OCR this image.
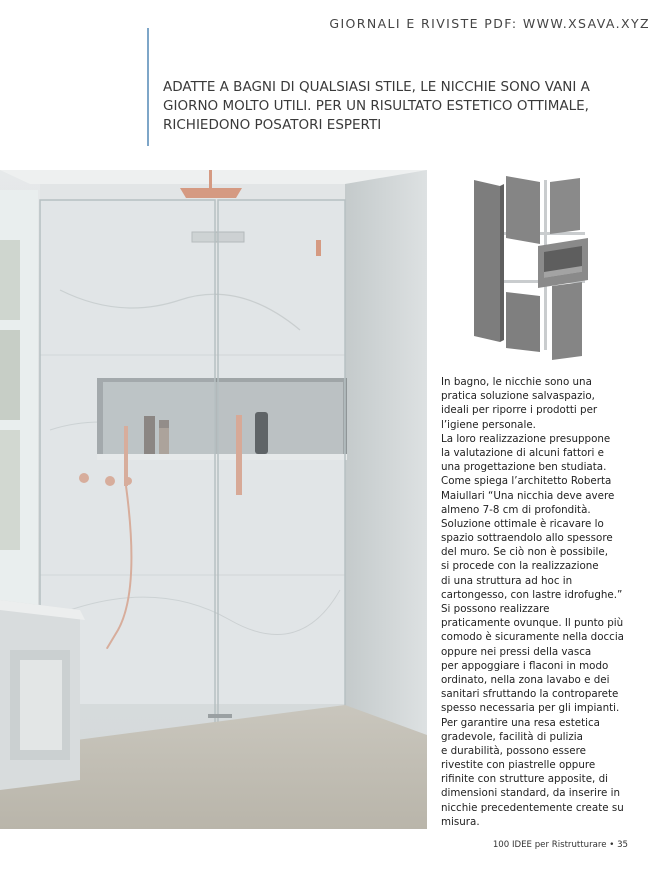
GIORNALI E RIVISTE PDF: WWW.XSAVA.XYZ
ADATTE A BAGNI DI QUALSIASI STILE, LE NICCHIE SONO VANI A
GIORNO MOLTO UTILI. PER UN RISULTATO ESTETICO OTTIMALE,
RICHIEDONO POSATORI ESPERTI
In bagno, le nicchie sono una
pratica soluzione salvaspazio,
ideali per riporre i prodotti per
l’igiene personale.
La loro realizzazione presuppone
la valutazione di alcuni fattori e
una progettazione ben studiata.
Come spiega l’architetto Roberta
Maiullari “Una nicchia deve avere
almeno 7-8 cm di profondità.
Soluzione ottimale è ricavare lo
spazio sottraendolo allo spessore
del muro. Se ciò non è possibile,
si procede con la realizzazione
di una struttura ad hoc in
cartongesso, con lastre idrofughe.”
Si possono realizzare
praticamente ovunque. Il punto più
comodo è sicuramente nella doccia
oppure nei pressi della vasca
per appoggiare i flaconi in modo
ordinato, nella zona lavabo e dei
sanitari sfruttando la controparete
spesso necessaria per gli impianti.
Per garantire una resa estetica
gradevole, facilità di pulizia
e durabilità, possono essere
rivestite con piastrelle oppure
rifinite con strutture apposite, di
dimensioni standard, da inserire in
nicchie precedentemente create su
misura.
100 IDEE per Ristrutturare • 35
